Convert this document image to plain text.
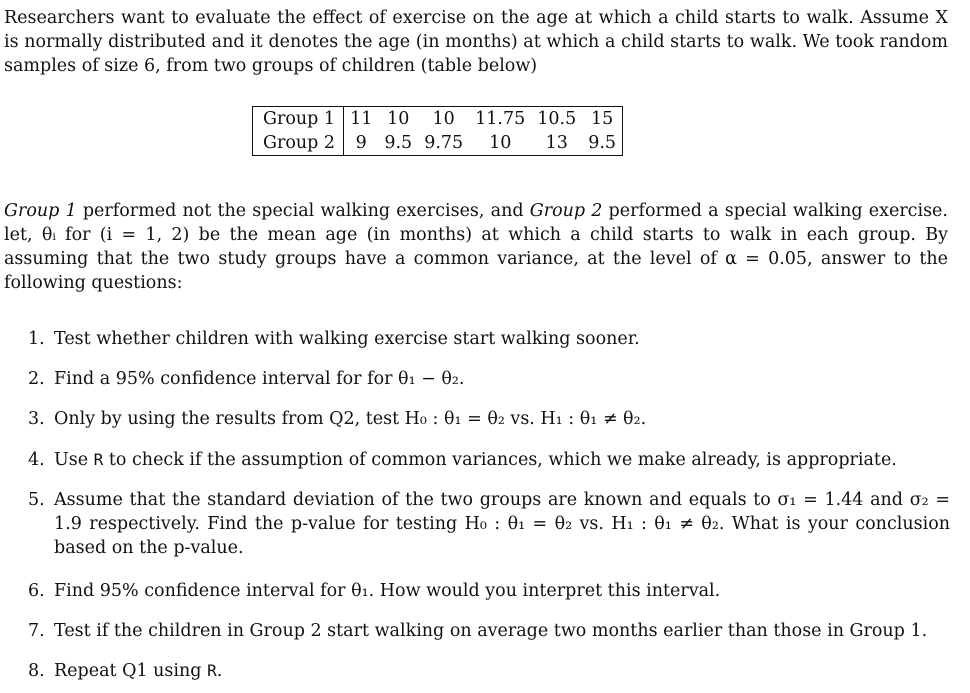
Researchers want to evaluate the effect of exercise on the age at which a child starts to walk. Assume X is normally distributed and it denotes the age (in months) at which a child starts to walk. We took random samples of size 6, from two groups of children (table below)
Group 1	11	10	10	11.75	10.5	15
Group 2	9	9.5	9.75	10	13	9.5
Group 1 performed not the special walking exercises, and Group 2 performed a special walking exercise. let, θᵢ for (i = 1, 2) be the mean age (in months) at which a child starts to walk in each group. By assuming that the two study groups have a common variance, at the level of α = 0.05, answer to the following questions:
1. Test whether children with walking exercise start walking sooner.
2. Find a 95% confidence interval for for θ₁ − θ₂.
3. Only by using the results from Q2, test H₀ : θ₁ = θ₂ vs. H₁ : θ₁ ≠ θ₂.
4. Use R to check if the assumption of common variances, which we make already, is appropriate.
5. Assume that the standard deviation of the two groups are known and equals to σ₁ = 1.44 and σ₂ = 1.9 respectively. Find the p-value for testing H₀ : θ₁ = θ₂ vs. H₁ : θ₁ ≠ θ₂. What is your conclusion based on the p-value.
6. Find 95% confidence interval for θ₁. How would you interpret this interval.
7. Test if the children in Group 2 start walking on average two months earlier than those in Group 1.
8. Repeat Q1 using R.
